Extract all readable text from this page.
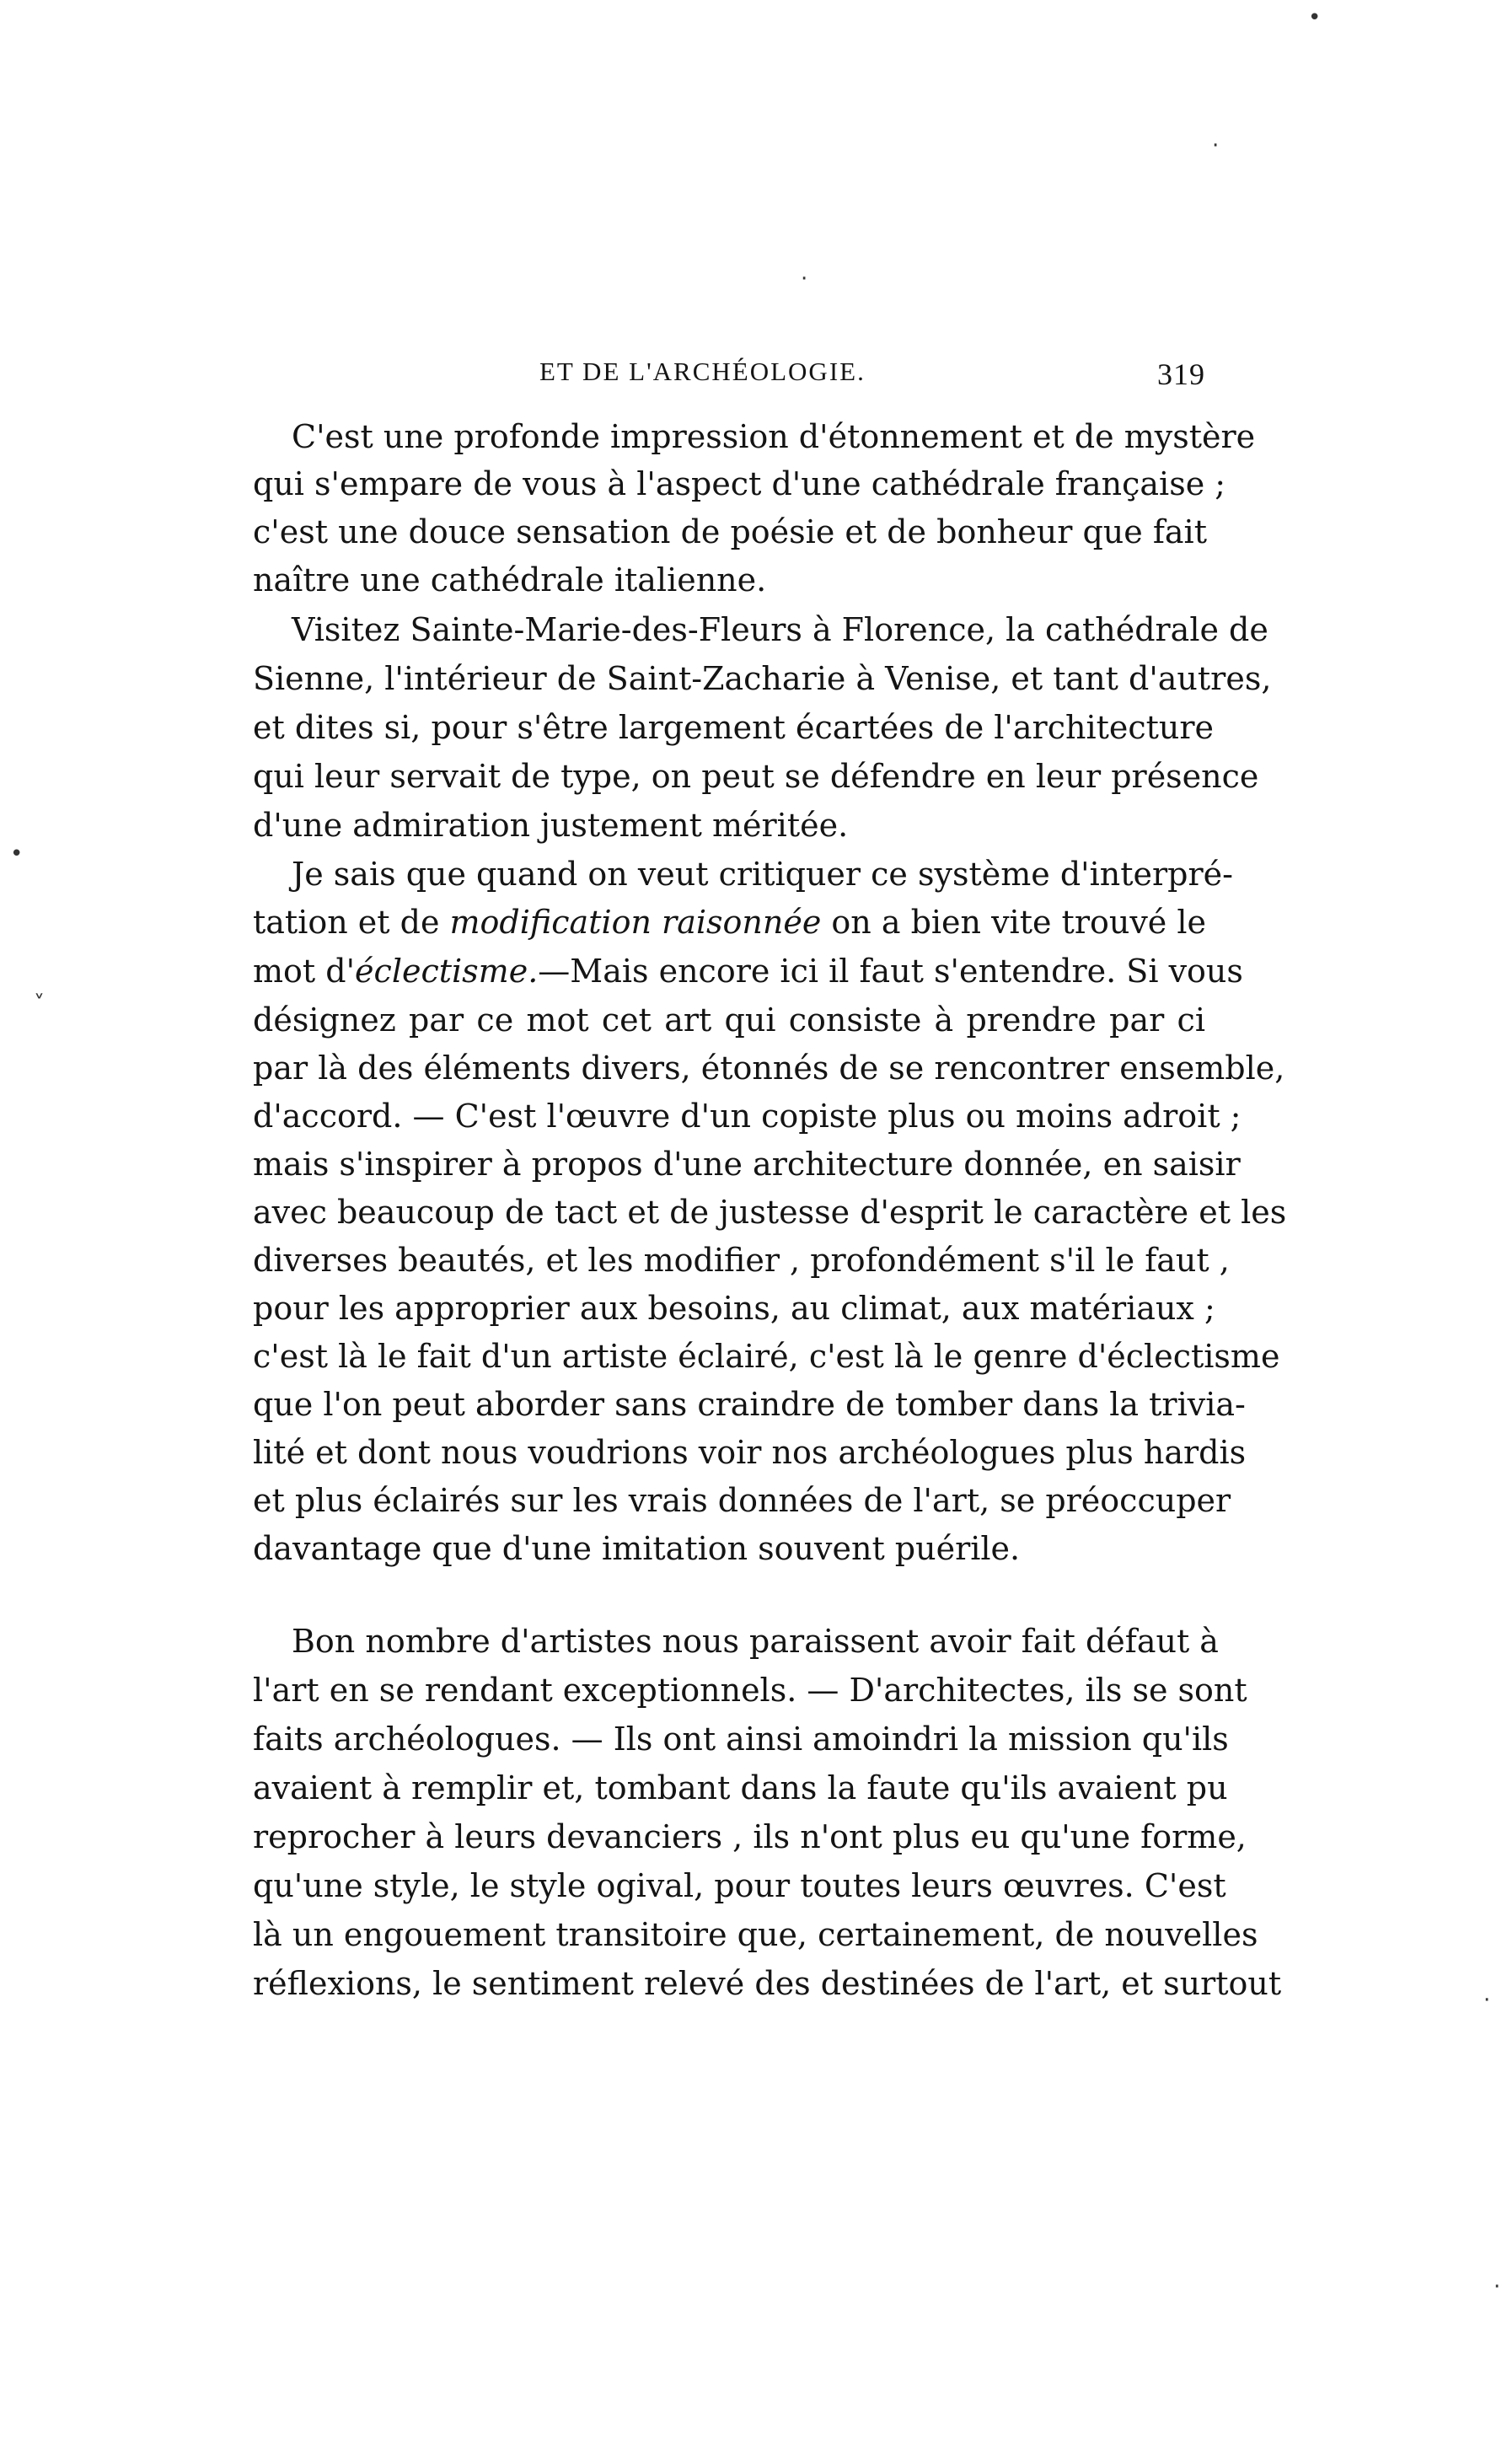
ET DE L'ARCHÉOLOGIE.	319
C'est une profonde impression d'étonnement et de mystère
qui s'empare de vous à l'aspect d'une cathédrale française ;
c'est une douce sensation de poésie et de bonheur que fait
naître une cathédrale italienne.
Visitez Sainte-Marie-des-Fleurs à Florence, la cathédrale de
Sienne, l'intérieur de Saint-Zacharie à Venise, et tant d'autres,
et dites si, pour s'être largement écartées de l'architecture
qui leur servait de type, on peut se défendre en leur présence
d'une admiration justement méritée.
Je sais que quand on veut critiquer ce système d'interpré-
tation et de modification raisonnée on a bien vite trouvé le
mot d'éclectisme.—Mais encore ici il faut s'entendre. Si vous
désignez par ce mot cet art qui consiste à prendre par ci
par là des éléments divers, étonnés de se rencontrer ensemble,
d'accord. — C'est l'œuvre d'un copiste plus ou moins adroit ;
mais s'inspirer à propos d'une architecture donnée, en saisir
avec beaucoup de tact et de justesse d'esprit le caractère et les
diverses beautés, et les modifier , profondément s'il le faut ,
pour les approprier aux besoins, au climat, aux matériaux ;
c'est là le fait d'un artiste éclairé, c'est là le genre d'éclectisme
que l'on peut aborder sans craindre de tomber dans la trivia-
lité et dont nous voudrions voir nos archéologues plus hardis
et plus éclairés sur les vrais données de l'art, se préoccuper
davantage que d'une imitation souvent puérile.
Bon nombre d'artistes nous paraissent avoir fait défaut à
l'art en se rendant exceptionnels. — D'architectes, ils se sont
faits archéologues. — Ils ont ainsi amoindri la mission qu'ils
avaient à remplir et, tombant dans la faute qu'ils avaient pu
reprocher à leurs devanciers , ils n'ont plus eu qu'une forme,
qu'une style, le style ogival, pour toutes leurs œuvres. C'est
là un engouement transitoire que, certainement, de nouvelles
réflexions, le sentiment relevé des destinées de l'art, et surtout
•
·
·
•
˅
·
·
